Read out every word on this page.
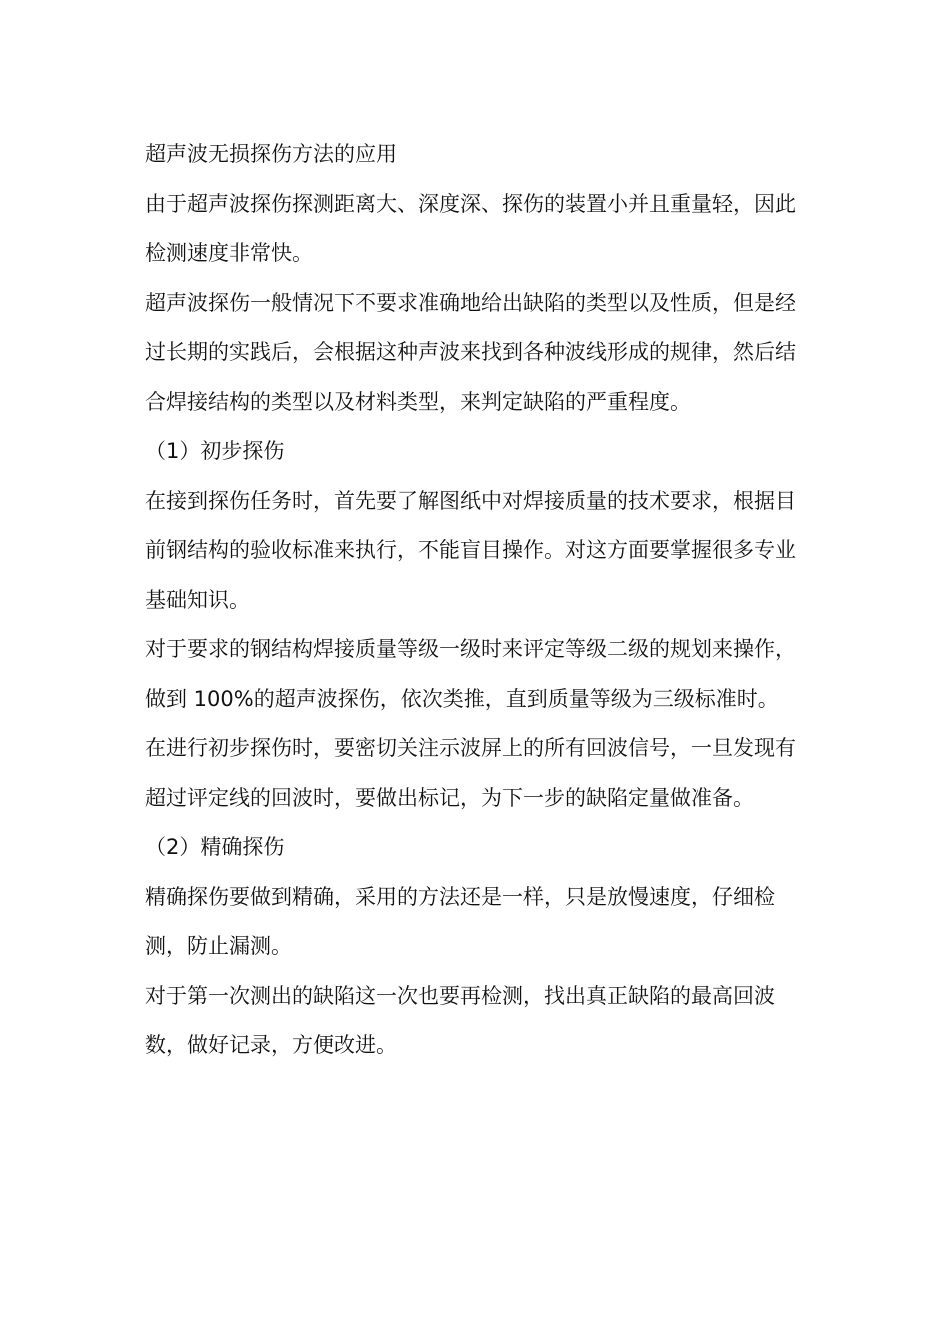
超声波无损探伤方法的应用

由于超声波探伤探测距离大、深度深、探伤的装置小并且重量轻，因此检测速度非常快。

超声波探伤一般情况下不要求准确地给出缺陷的类型以及性质，但是经过长期的实践后，会根据这种声波来找到各种波线形成的规律，然后结合焊接结构的类型以及材料类型，来判定缺陷的严重程度。

（1）初步探伤

在接到探伤任务时，首先要了解图纸中对焊接质量的技术要求，根据目前钢结构的验收标准来执行，不能盲目操作。对这方面要掌握很多专业基础知识。

对于要求的钢结构焊接质量等级一级时来评定等级二级的规划来操作，做到 100%的超声波探伤，依次类推，直到质量等级为三级标准时。

在进行初步探伤时，要密切关注示波屏上的所有回波信号，一旦发现有超过评定线的回波时，要做出标记，为下一步的缺陷定量做准备。

（2）精确探伤

精确探伤要做到精确，采用的方法还是一样，只是放慢速度，仔细检测，防止漏测。

对于第一次测出的缺陷这一次也要再检测，找出真正缺陷的最高回波数，做好记录，方便改进。
